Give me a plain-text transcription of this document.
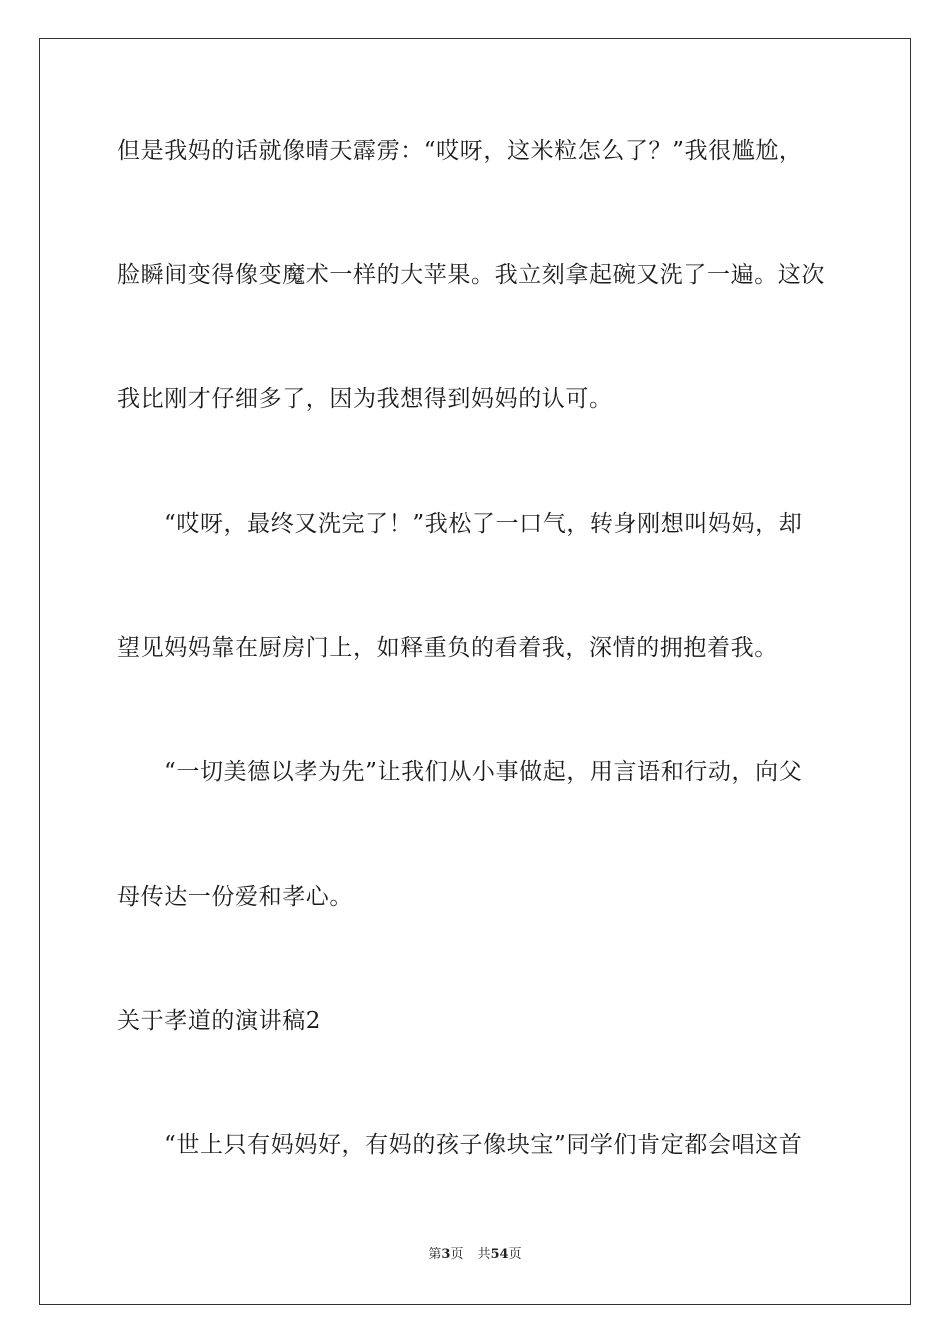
但是我妈的话就像晴天霹雳：“哎呀，这米粒怎么了？”我很尴尬，
脸瞬间变得像变魔术一样的大苹果。我立刻拿起碗又洗了一遍。这次
我比刚才仔细多了，因为我想得到妈妈的认可。
“哎呀，最终又洗完了！”我松了一口气，转身刚想叫妈妈，却
望见妈妈靠在厨房门上，如释重负的看着我，深情的拥抱着我。
“一切美德以孝为先”让我们从小事做起，用言语和行动，向父
母传达一份爱和孝心。
关于孝道的演讲稿2
“世上只有妈妈好，有妈的孩子像块宝”同学们肯定都会唱这首
第3页 共54页
